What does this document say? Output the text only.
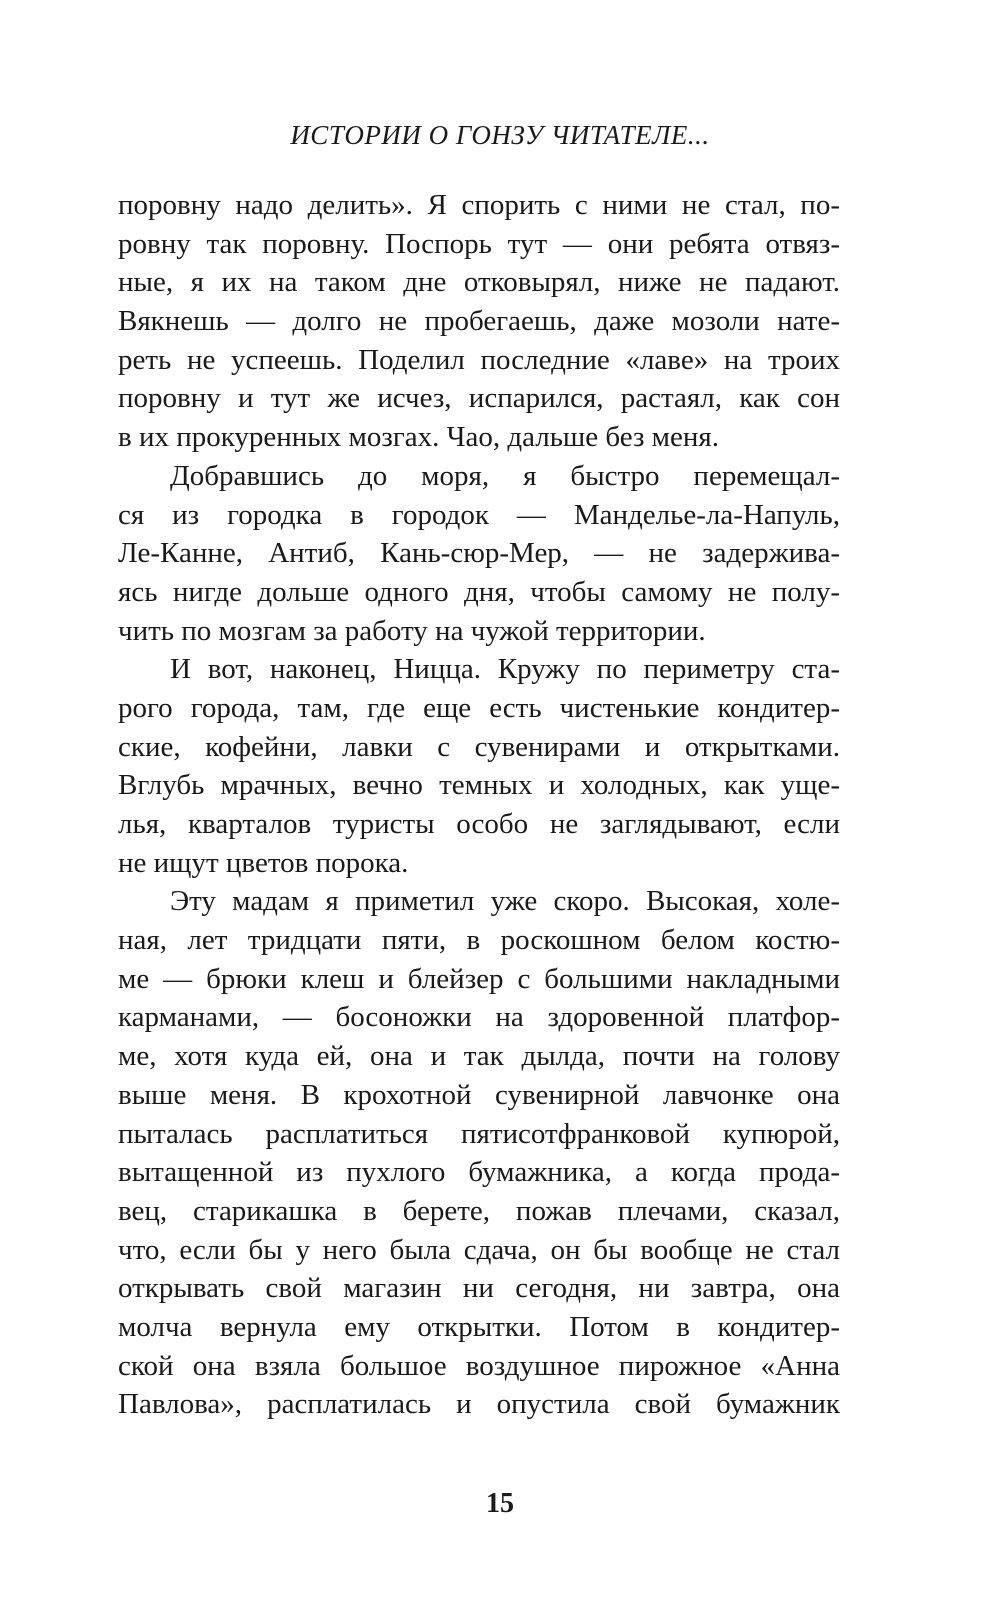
ИСТОРИИ О ГОНЗУ ЧИТАТЕЛЕ...
поровну надо делить». Я спорить с ними не стал, по-
ровну так поровну. Поспорь тут — они ребята отвяз-
ные, я их на таком дне отковырял, ниже не падают.
Вякнешь — долго не пробегаешь, даже мозоли нате-
реть не успеешь. Поделил последние «лаве» на троих
поровну и тут же исчез, испарился, растаял, как сон
в их прокуренных мозгах. Чао, дальше без меня.
Добравшись до моря, я быстро перемещал-
ся из городка в городок — Мандельe-ла-Напуль,
Ле-Канне, Антиб, Кань-сюр-Мер, — не задержива-
ясь нигде дольше одного дня, чтобы самому не полу-
чить по мозгам за работу на чужой территории.
И вот, наконец, Ницца. Кружу по периметру ста-
рого города, там, где еще есть чистенькие кондитер-
ские, кофейни, лавки с сувенирами и открытками.
Вглубь мрачных, вечно темных и холодных, как уще-
лья, кварталов туристы особо не заглядывают, если
не ищут цветов порока.
Эту мадам я приметил уже скоро. Высокая, холе-
ная, лет тридцати пяти, в роскошном белом костю-
ме — брюки клеш и блейзер с большими накладными
карманами, — босоножки на здоровенной платфор-
ме, хотя куда ей, она и так дылда, почти на голову
выше меня. В крохотной сувенирной лавчонке она
пыталась расплатиться пятисотфранковой купюрой,
вытащенной из пухлого бумажника, а когда прода-
вец, старикашка в берете, пожав плечами, сказал,
что, если бы у него была сдача, он бы вообще не стал
открывать свой магазин ни сегодня, ни завтра, она
молча вернула ему открытки. Потом в кондитер-
ской она взяла большое воздушное пирожное «Анна
Павлова», расплатилась и опустила свой бумажник
15
